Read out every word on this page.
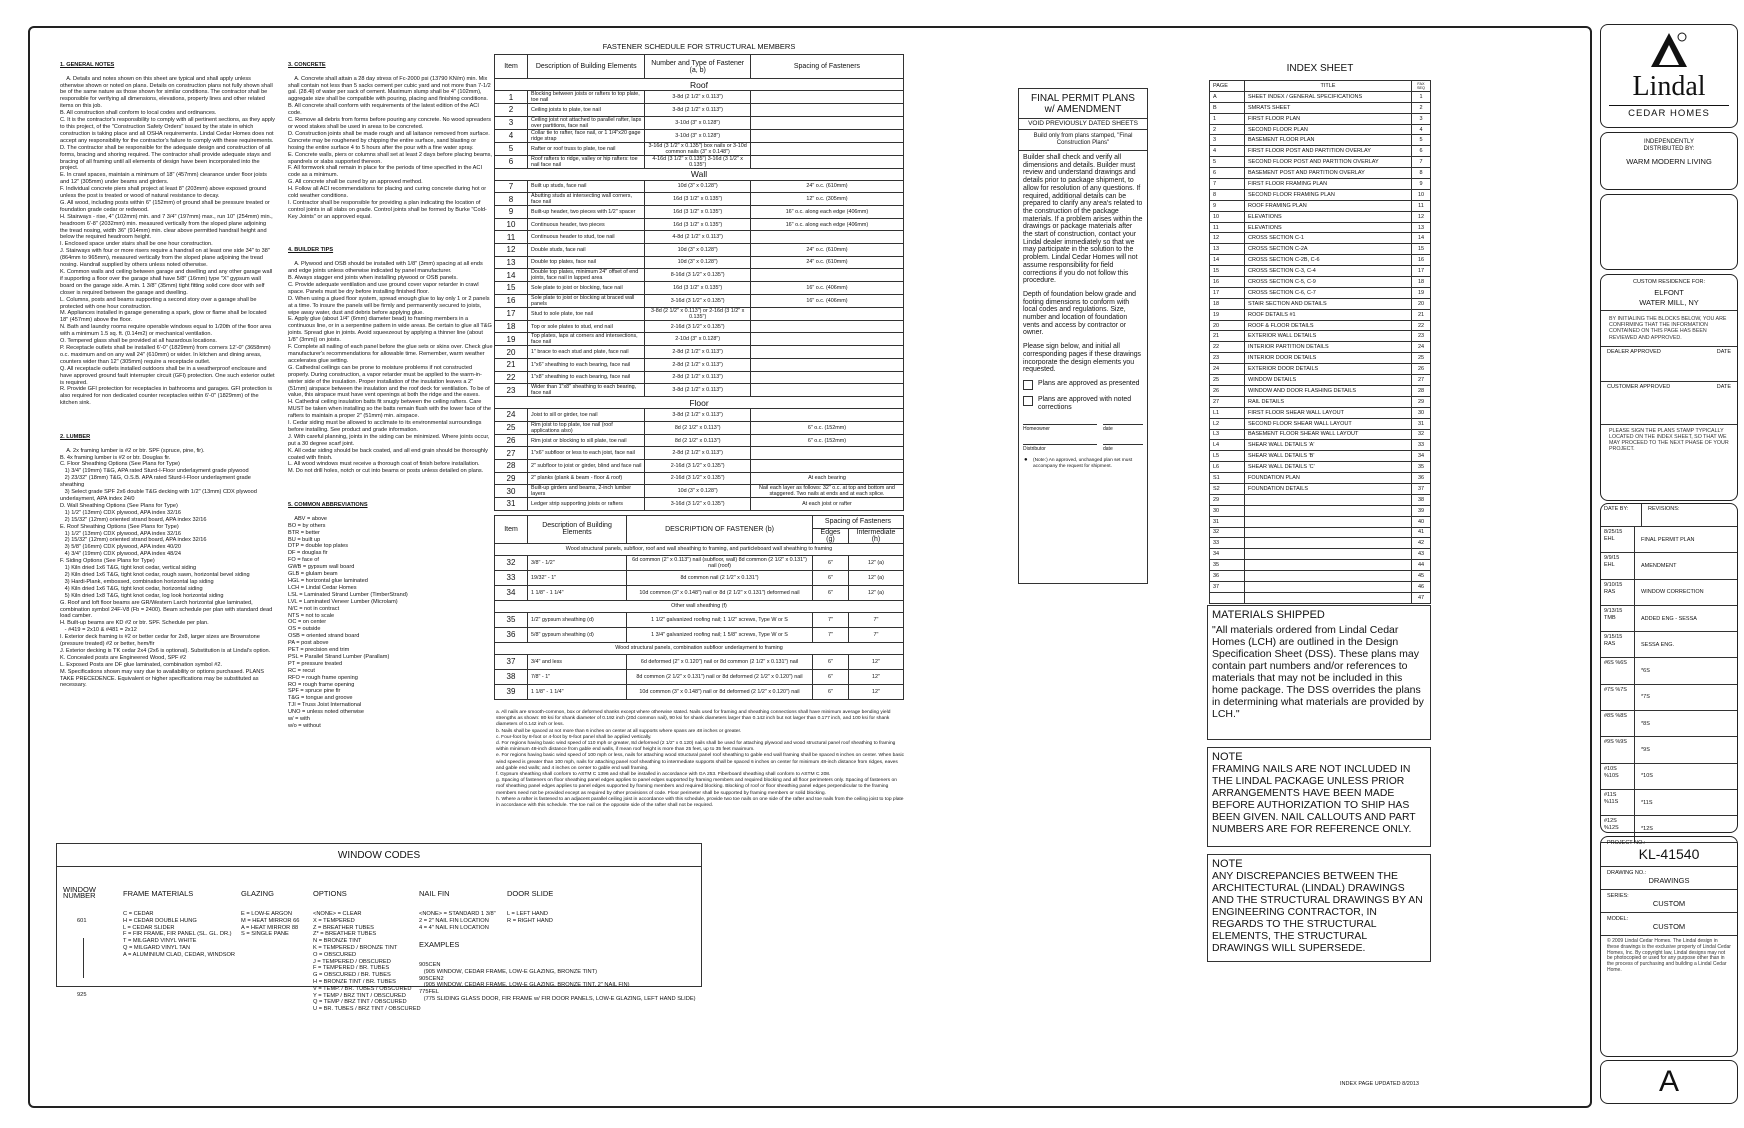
1. GENERAL NOTES

A. Details and notes shown on this sheet are typical and shall apply unless otherwise shown or noted on plans. Details on construction plans not fully shown shall be of the same nature as those shown for similar conditions. The contractor shall be responsible for verifying all dimensions, elevations, property lines and other related items on this job.
B. All construction shall conform to local codes and ordinances.
C. It is the contractor's responsibility to comply with all pertinent sections, as they apply to this project, of the "Construction Safety Orders" issued by the state in which construction is taking place and all OSHA requirements. Lindal Cedar Homes does not accept any responsibility for the contractor's failure to comply with these requirements.
D. The contractor shall be responsible for the adequate design and construction of all forms, bracing and shoring required. The contractor shall provide adequate stays and bracing of all framing until all elements of design have been incorporated into the project.
E. In crawl spaces, maintain a minimum of 18" (457mm) clearance under floor joists and 12" (305mm) under beams and girders.
F. Individual concrete piers shall project at least 8" (203mm) above exposed ground unless the post is treated or wood of natural resistance to decay.
G. All wood, including posts within 6" (152mm) of ground shall be pressure treated or foundation grade cedar or redwood.
H. Stairways - rise, 4" (102mm) min. and 7 3/4" (197mm) max., run 10" (254mm) min., headroom 6'-8" (2032mm) min. measured vertically from the sloped plane adjoining the tread nosing, width 36" (914mm) min. clear above permitted handrail height and below the required headroom height.
I. Enclosed space under stairs shall be one hour construction.
J. Stairways with four or more risers require a handrail on at least one side 34" to 38" (864mm to 965mm), measured vertically from the sloped plane adjoining the tread nosing. Handrail supplied by others unless noted otherwise.
K. Common walls and ceiling between garage and dwelling and any other garage wall if supporting a floor over the garage shall have 5/8" (16mm) type "X" gypsum wall board on the garage side. A min. 1 3/8" (35mm) tight fitting solid core door with self closer is required between the garage and dwelling.
L. Columns, posts and beams supporting a second story over a garage shall be protected with one hour construction.
M. Appliances installed in garage generating a spark, glow or flame shall be located 18" (457mm) above the floor.
N. Bath and laundry rooms require operable windows equal to 1/20th of the floor area with a minimum 1.5 sq. ft. (0.14m2) or mechanical ventilation.
O. Tempered glass shall be provided at all hazardous locations.
P. Receptacle outlets shall be installed 6'-0" (1829mm) from corners 12'-0" (3658mm) o.c. maximum and on any wall 24" (610mm) or wider. In kitchen and dining areas, counters wider than 12" (305mm) require a receptacle outlet.
Q. All receptacle outlets installed outdoors shall be in a weatherproof enclosure and have approved ground fault interrupter circuit (GFI) protection. One such exterior outlet is required.
R. Provide GFI protection for receptacles in bathrooms and garages. GFI protection is also required for non dedicated counter receptacles within 6'-0" (1829mm) of the kitchen sink.

2. LUMBER

A. 2x framing lumber is #2 or btr. SPF (spruce, pine, fir).
B. 4x framing lumber is #2 or btr. Douglas fir.
C. Floor Sheathing Options (See Plans for Type)
1) 3/4" (19mm) T&G, APA rated Sturd-I-Floor underlayment grade plywood
2) 23/32" (18mm) T&G, O.S.B. APA rated Sturd-I-Floor underlayment grade sheathing
3) Select grade SPF 2x6 double T&G decking with 1/2" (13mm) CDX plywood underlayment, APA index 24/0
D. Wall Sheathing Options (See Plans for Type)
1) 1/2" (13mm) CDX plywood, APA index 32/16
2) 15/32" (12mm) oriented strand board, APA index 32/16
E. Roof Sheathing Options (See Plans for Type)
1) 1/2" (13mm) CDX plywood, APA index 32/16
2) 15/32" (12mm) oriented strand board, APA index 32/16
3) 5/8" (16mm) CDX plywood, APA index 40/20
4) 3/4" (19mm) CDX plywood, APA index 48/24
F. Siding Options (See Plans for Type)
1) Kiln dried 1x6 T&G, tight knot cedar, vertical siding
2) Kiln dried 1x6 T&G, tight knot cedar, rough sawn, horizontal bevel siding
3) Hardi-Plank, embossed, combination horizontal lap siding
4) Kiln dried 1x6 T&G, tight knot cedar, horizontal siding
5) Kiln dried 1x8 T&G, tight knot cedar, log look horizontal siding
G. Roof and loft floor beams are GR/Western Larch horizontal glue laminated, combination symbol 24F-V8 (Fb = 2400). Beam schedule per plan with standard dead load camber.
H. Built-up beams are KD #2 or btr. SPF. Schedule per plan.
- #419 = 2x10 & #481 = 2x12
I. Exterior deck framing is #2 or better cedar for 2x8, larger sizes are Brownstone (pressure treated) #2 or better, hem/fir
J. Exterior decking is TK cedar 2x4 (2x6 is optional). Substitution is at Lindal's option.
K. Concealed posts are Engineered Wood, SPF #2
L. Exposed Posts are DF glue laminated, combination symbol #2.
M. Specifications shown may vary due to availability or options purchased. PLANS TAKE PRECEDENCE. Equivalent or higher specifications may be substituted as necessary.

3. CONCRETE

A. Concrete shall attain a 28 day stress of Fc-2000 psi (13790 KN/m) min. Mix shall contain not less than 5 sacks cement per cubic yard and not more than 7-1/2 gal. (28.4l) of water per sack of cement. Maximum slump shall be 4" (102mm), aggregate size shall be compatible with pouring, placing and finishing conditions.
B. All concrete shall conform with requirements of the latest edition of the ACI code.
C. Remove all debris from forms before pouring any concrete. No wood spreaders or wood stakes shall be used in areas to be concreted.
D. Construction joints shall be made rough and all laitance removed from surface. Concrete may be roughened by chipping the entire surface, sand blasting or hosing the entire surface 4 to 5 hours after the pour with a fine water spray.
E. Concrete walls, piers or columns shall set at least 2 days before placing beams, spandrels or slabs supported thereon.
F. All formwork shall remain in place for the periods of time specified in the ACI code as a minimum.
G. All concrete shall be cured by an approved method.
H. Follow all ACI recommendations for placing and curing concrete during hot or cold weather conditions.
I. Contractor shall be responsible for providing a plan indicating the location of control joints in all slabs on grade. Control joints shall be formed by Burke "Cold-Key Joints" or an approved equal.

4. BUILDER TIPS

A. Plywood and OSB should be installed with 1/8" (3mm) spacing at all ends and edge joints unless otherwise indicated by panel manufacturer.
B. Always stagger end joints when installing plywood or OSB panels.
C. Provide adequate ventilation and use ground cover vapor retarder in crawl space. Panels must be dry before installing finished floor.
D. When using a glued floor system, spread enough glue to lay only 1 or 2 panels at a time. To insure the panels will be firmly and permanently secured to joists, wipe away water, dust and debris before applying glue.
E. Apply glue (about 1/4" (6mm) diameter bead) to framing members in a continuous line, or in a serpentine pattern in wide areas. Be certain to glue all T&G joints. Spread glue in joints. Avoid squeezeout by applying a thinner line (about 1/8" (3mm)) on joists.
F. Complete all nailing of each panel before the glue sets or skins over. Check glue manufacturer's recommendations for allowable time. Remember, warm weather accelerates glue setting.
G. Cathedral ceilings can be prone to moisture problems if not constructed properly. During construction, a vapor retarder must be applied to the warm-in-winter side of the insulation. Proper installation of the insulation leaves a 2" (51mm) airspace between the insulation and the roof deck for ventilation. To be of value, this airspace must have vent openings at both the ridge and the eaves.
H. Cathedral ceiling insulation batts fit snugly between the ceiling rafters. Care MUST be taken when installing so the batts remain flush with the lower face of the rafters to maintain a proper 2" (51mm) min. airspace.
I. Cedar siding must be allowed to acclimate to its environmental surroundings before installing. See product and grade information.
J. With careful planning, joints in the siding can be minimized. Where joints occur, put a 30 degree scarf joint.
K. All cedar siding should be back coated, and all end grain should be thoroughly coated with finish.
L. All wood windows must receive a thorough coat of finish before installation.
M. Do not drill holes, notch or cut into beams or posts unless detailed on plans.

5. COMMON ABBREVIATIONS

ABV = above
BO = by others
BTR = better
BU = built up
DTP = double top plates
DF = douglas fir
FO = face of
GWB = gypsum wall board
GLB = glulam beam
HGL = horizontal glue laminated
LCH = Lindal Cedar Homes
LSL = Laminated Strand Lumber (TimberStrand)
LVL = Laminated Veneer Lumber (Microlam)
N/C = not in contract
NTS = not to scale
OC = on center
OS = outside
OSB = oriented strand board
PA = post above
PET = precision end trim
PSL = Parallel Strand Lumber (Parallam)
PT = pressure treated
RC = recut
RFO = rough frame opening
RO = rough frame opening
SPF = spruce pine fir
T&G = tongue and groove
TJI = Truss Joist International
UNO = unless noted otherwise
w/ = with
w/o = without

FASTENER SCHEDULE FOR STRUCTURAL MEMBERS
Item	Description of Building Elements	Number and Type of Fastener (a, b)	Spacing of Fasteners
Roof			
1	Blocking between joists or rafters to top plate, toe nail	3-8d (2 1/2" x 0.113")	
2	Ceiling joists to plate, toe nail	3-8d (2 1/2" x 0.113")	
3	Ceiling joist not attached to parallel rafter, laps over partitions, face nail	3-10d (3" x 0.128")	
4	Collar tie to rafter, face nail, or 1 1/4"x20 gage ridge strap	3-10d (3" x 0.128")	
5	Rafter or roof truss to plate, toe nail	3-16d (3 1/2" x 0.135") box nails or 3-10d common nails (3" x 0.148")	
6	Roof rafters to ridge, valley or hip rafters: toe nail face nail	4-16d (3 1/2" x 0.135") 3-16d (3 1/2" x 0.135")	
Wall			
7	Built up studs, face nail	10d (3" x 0.128")	24" o.c. (610mm)
8	Abutting studs at intersecting wall corners, face nail	16d (3 1/2" x 0.135")	12" o.c. (305mm)
9	Built-up header, two pieces with 1/2" spacer	16d (3 1/2" x 0.135")	16" o.c. along each edge (406mm)
10	Continuous header, two pieces	16d (3 1/2" x 0.135")	16" o.c. along each edge (406mm)
11	Continuous header to stud, toe nail	4-8d (2 1/2" x 0.113")	
12	Double studs, face nail	10d (3" x 0.128")	24" o.c. (610mm)
13	Double top plates, face nail	10d (3" x 0.128")	24" o.c. (610mm)
14	Double top plates, minimum 24" offset of end joints, face nail in lapped area	8-16d (3 1/2" x 0.135")	
15	Sole plate to joist or blocking, face nail	16d (3 1/2" x 0.135")	16" o.c. (406mm)
16	Sole plate to joist or blocking at braced wall panels	3-16d (3 1/2" x 0.135")	16" o.c. (406mm)
17	Stud to sole plate, toe nail	3-8d (2 1/2" x 0.113") or 2-16d (3 1/2" x 0.135")	
18	Top or sole plates to stud, end nail	2-16d (3 1/2" x 0.135")	
19	Top plates, laps at corners and intersections, face nail	2-10d (3" x 0.128")	
20	1" brace to each stud and plate, face nail	2-8d (2 1/2" x 0.113")	
21	1"x6" sheathing to each bearing, face nail	2-8d (2 1/2" x 0.113")	
22	1"x8" sheathing to each bearing, face nail	2-8d (2 1/2" x 0.113")	
23	Wider than 1"x8" sheathing to each bearing, face nail	3-8d (2 1/2" x 0.113")	
Floor			
24	Joist to sill or girder, toe nail	3-8d (2 1/2" x 0.113")	
25	Rim joist to top plate, toe nail (roof applications also)	8d (2 1/2" x 0.113")	6" o.c. (152mm)
26	Rim joist or blocking to sill plate, toe nail	8d (2 1/2" x 0.113")	6" o.c. (152mm)
27	1"x6" subfloor or less to each joist, face nail	2-8d (2 1/2" x 0.113")	
28	2" subfloor to joist or girder, blind and face nail	2-16d (3 1/2" x 0.135")	
29	2" planks (plank & beam - floor & roof)	2-16d (3 1/2" x 0.135")	At each bearing
30	Built-up girders and beams, 2-inch lumber layers	10d (3" x 0.128")	Nail each layer as follows: 32" o.c. at top and bottom and staggered. Two nails at ends and at each splice.
31	Ledger strip supporting joists or rafters	3-16d (3 1/2" x 0.135")	At each joist or rafter
Item	Description of Building Elements	DESCRIPTION OF FASTENER (b)	Spacing of Fasteners	
			Edges (g)	Intermediate (h)
Wood structural panels, subfloor, roof and wall sheathing to framing, and particleboard wall sheathing to framing				
32	3/8" - 1/2"	6d common (2" x 0.113") nail (subfloor, wall) 8d common (2 1/2" x 0.131") nail (roof)	6"	12" (a)
33	19/32" - 1"	8d common nail (2 1/2" x 0.131")	6"	12" (a)
34	1 1/8" - 1 1/4"	10d common (3" x 0.148") nail or 8d (2 1/2" x 0.131") deformed nail	6"	12" (a)
Other wall sheathing (f)				
35	1/2" gypsum sheathing (d)	1 1/2" galvanized roofing nail; 1 1/2" screws, Type W or S	7"	7"
36	5/8" gypsum sheathing (d)	1 3/4" galvanized roofing nail; 1 5/8" screws, Type W or S	7"	7"
Wood structural panels, combination subfloor underlayment to framing				
37	3/4" and less	6d deformed (2" x 0.120") nail or 8d common (2 1/2" x 0.131") nail	6"	12"
38	7/8" - 1"	8d common (2 1/2" x 0.131") nail or 8d deformed (2 1/2" x 0.120") nail	6"	12"
39	1 1/8" - 1 1/4"	10d common (3" x 0.148") nail or 8d deformed (2 1/2" x 0.120") nail	6"	12"
a. All nails are smooth-common, box or deformed shanks except where otherwise stated. Nails used for framing and sheathing connections shall have minimum average bending yield strengths as shown: 80 ksi for shank diameter of 0.192 inch (20d common nail), 90 ksi for shank diameters larger than 0.142 inch but not larger than 0.177 inch, and 100 ksi for shank diameters of 0.142 inch or less.
b. Nails shall be spaced at not more than 6 inches on center at all supports where spans are 48 inches or greater.
c. Four-foot by 8-foot or 4-foot by 9-foot panel shall be applied vertically.
d. For regions having basic wind speed of 110 mph or greater, 8d deformed (2 1/2" x 0.120) nails shall be used for attaching plywood and wood structural panel roof sheathing to framing within minimum 48-inch distance from gable end walls, if mean roof height is more than 25 feet, up to 35 feet maximum.
e. For regions having basic wind speed of 100 mph or less, nails for attaching wood structural panel roof sheathing to gable end wall framing shall be spaced 6 inches on center. When basic wind speed is greater than 100 mph, nails for attaching panel roof sheathing to intermediate supports shall be spaced 6 inches on center for minimum 48-inch distance from ridges, eaves and gable end walls; and 4 inches on center to gable end wall framing.
f. Gypsum sheathing shall conform to ASTM C 1396 and shall be installed in accordance with GA 253. Fiberboard sheathing shall conform to ASTM C 208.
g. Spacing of fasteners on floor sheathing panel edges applies to panel edges supported by framing members and required blocking and all floor perimeters only. Spacing of fasteners on roof sheathing panel edges applies to panel edges supported by framing members and required blocking. Blocking of roof or floor sheathing panel edges perpendicular to the framing members need not be provided except as required by other provisions of code. Floor perimeter shall be supported by framing members or solid blocking.
h. Where a rafter is fastened to an adjacent parallel ceiling joist in accordance with this schedule, provide two toe nails on one side of the rafter and toe nails from the ceiling joist to top plate in accordance with this schedule. The toe nail on the opposite side of the rafter shall not be required.
WINDOW CODES

WINDOW NUMBER

601

925

FRAME MATERIALS

C = CEDAR
H = CEDAR DOUBLE HUNG
L = CEDAR SLIDER
F = FIR FRAME, FIR PANEL (SL. GL. DR.)
T = MILGARD VINYL WHITE
Q = MILGARD VINYL TAN
A = ALUMINIUM CLAD, CEDAR, WINDSOR

GLAZING

E = LOW-E ARGON
M = HEAT MIRROR 66
A = HEAT MIRROR 88
S = SINGLE PANE

OPTIONS

<NONE> = CLEAR
X = TEMPERED
Z = BREATHER TUBES
Z* = BREATHER TUBES
N = BRONZE TINT
K = TEMPERED / BRONZE TINT
O = OBSCURED
J = TEMPERED / OBSCURED
F = TEMPERED / BR. TUBES
G = OBSCURED / BR. TUBES
H = BRONZE TINT / BR. TUBES
V = TEMP. / BR. TUBES / OBSCURED
Y = TEMP / BRZ TINT / OBSCURED
Q = TEMP / BRZ TINT / OBSCURED
U = BR. TUBES / BRZ TINT / OBSCURED

NAIL FIN

<NONE> = STANDARD 1 3/8"
2 = 2" NAIL FIN LOCATION
4 = 4" NAIL FIN LOCATION

DOOR SLIDE

L = LEFT HAND
R = RIGHT HAND

EXAMPLES

905CEN
(905 WINDOW, CEDAR FRAME, LOW-E GLAZING, BRONZE TINT)
905CEN2
(905 WINDOW, CEDAR FRAME, LOW-E GLAZING, BRONZE TINT, 2" NAIL FIN)
775FEL
(775 SLIDING GLASS DOOR, FIR FRAME w/ FIR DOOR PANELS, LOW-E GLAZING, LEFT HAND SLIDE)

FINAL PERMIT PLANS
w/ AMENDMENT
VOID PREVIOUSLY DATED SHEETS
Build only from plans stamped, "Final Construction Plans"
Builder shall check and verify all dimensions and details. Builder must review and understand drawings and details prior to package shipment, to allow for resolution of any questions. If required, additional details can be prepared to clarify any area's related to the construction of the package materials. If a problem arises within the drawings or package materials after the start of construction, contact your Lindal dealer immediately so that we may participate in the solution to the problem. Lindal Cedar Homes will not assume responsibility for field corrections if you do not follow this procedure.
Depth of foundation below grade and footing dimensions to conform with local codes and regulations. Size, number and location of foundation vents and access by contractor or owner.
Please sign below, and initial all corresponding pages if these drawings incorporate the design elements you requested.
Plans are approved as presented
Plans are approved with noted corrections
Homeowner	date
Distributor	date
● (Note:) An approved, unchanged plan set must accompany the request for shipment.
INDEX SHEET
PAGE	TITLE	FAX SEQ
A	SHEET INDEX / GENERAL SPECIFICATIONS	1
B	SMRATS SHEET	2
1	FIRST FLOOR PLAN	3
2	SECOND FLOOR PLAN	4
3	BASEMENT FLOOR PLAN	5
4	FIRST FLOOR POST AND PARTITION OVERLAY	6
5	SECOND FLOOR POST AND PARTITION OVERLAY	7
6	BASEMENT POST AND PARTITION OVERLAY	8
7	FIRST FLOOR FRAMING PLAN	9
8	SECOND FLOOR FRAMING PLAN	10
9	ROOF FRAMING PLAN	11
10	ELEVATIONS	12
11	ELEVATIONS	13
12	CROSS SECTION C-1	14
13	CROSS SECTION C-2A	15
14	CROSS SECTION C-2B, C-6	16
15	CROSS SECTION C-3, C-4	17
16	CROSS SECTION C-5, C-9	18
17	CROSS SECTION C-6, C-7	19
18	STAIR SECTION AND DETAILS	20
19	ROOF DETAILS #1	21
20	ROOF & FLOOR DETAILS	22
21	EXTERIOR WALL DETAILS	23
22	INTERIOR PARTITION DETAILS	24
23	INTERIOR DOOR DETAILS	25
24	EXTERIOR DOOR DETAILS	26
25	WINDOW DETAILS	27
26	WINDOW AND DOOR FLASHING DETAILS	28
27	RAIL DETAILS	29
L1	FIRST FLOOR SHEAR WALL LAYOUT	30
L2	SECOND FLOOR SHEAR WALL LAYOUT	31
L3	BASEMENT FLOOR SHEAR WALL LAYOUT	32
L4	SHEAR WALL DETAILS 'A'	33
L5	SHEAR WALL DETAILS 'B'	34
L6	SHEAR WALL DETAILS 'C'	35
S1	FOUNDATION PLAN	36
S2	FOUNDATION DETAILS	37
29		38
30		39
31		40
32		41
33		42
34		43
35		44
36		45
37		46
		47
MATERIALS SHIPPED
"All materials ordered from Lindal Cedar Homes (LCH) are outlined in the Design Specification Sheet (DSS). These plans may contain part numbers and/or references to materials that may not be included in this home package. The DSS overrides the plans in determining what materials are provided by LCH."
NOTE
FRAMING NAILS ARE NOT INCLUDED IN THE LINDAL PACKAGE UNLESS PRIOR ARRANGEMENTS HAVE BEEN MADE BEFORE AUTHORIZATION TO SHIP HAS BEEN GIVEN. NAIL CALLOUTS AND PART NUMBERS ARE FOR REFERENCE ONLY.
NOTE
ANY DISCREPANCIES BETWEEN THE ARCHITECTURAL (LINDAL) DRAWINGS AND THE STRUCTURAL DRAWINGS BY AN ENGINEERING CONTRACTOR, IN REGARDS TO THE STRUCTURAL ELEMENTS, THE STRUCTURAL DRAWINGS WILL SUPERSEDE.
INDEX PAGE UPDATED 8/2013
Lindal
CEDAR HOMES
INDEPENDENTLY DISTRIBUTED BY:
WARM MODERN LIVING
CUSTOM RESIDENCE FOR:
ELFONT
WATER MILL, NY
BY INITIALING THE BLOCKS BELOW, YOU ARE CONFIRMING THAT THE INFORMATION CONTAINED ON THIS PAGE HAS BEEN REVIEWED AND APPROVED.
DEALER APPROVED	DATE
CUSTOMER APPROVED	DATE
PLEASE SIGN THE PLANS STAMP TYPICALLY LOCATED ON THE INDEX SHEET, SO THAT WE MAY PROCEED TO THE NEXT PHASE OF YOUR PROJECT.
DATE BY:	REVISIONS:
8/25/15 EHL	FINAL PERMIT PLAN
9/9/15 EHL	AMENDMENT
9/10/15 RAS	WINDOW CORRECTION
9/13/15 TMB	ADDED ENG - SESSA
9/15/15 RAS	SESSA ENG.
#6S %6S
*6S
#7S %7S
*7S
#8S %8S
*8S
#9S %9S
*9S
#10S %10S	*10S
#11S %11S	*11S
#12S %12S	*12S
PROJECT NO.:
KL-41540
DRAWING NO.:
DRAWINGS
SERIES:
CUSTOM
MODEL:
CUSTOM
© 2009 Lindal Cedar Homes. The Lindal design in these drawings is the exclusive property of Lindal Cedar Homes, Inc. By copyright law, Lindal designs may not be photocopied or used for any purpose other than in the process of purchasing and building a Lindal Cedar Home.
A
